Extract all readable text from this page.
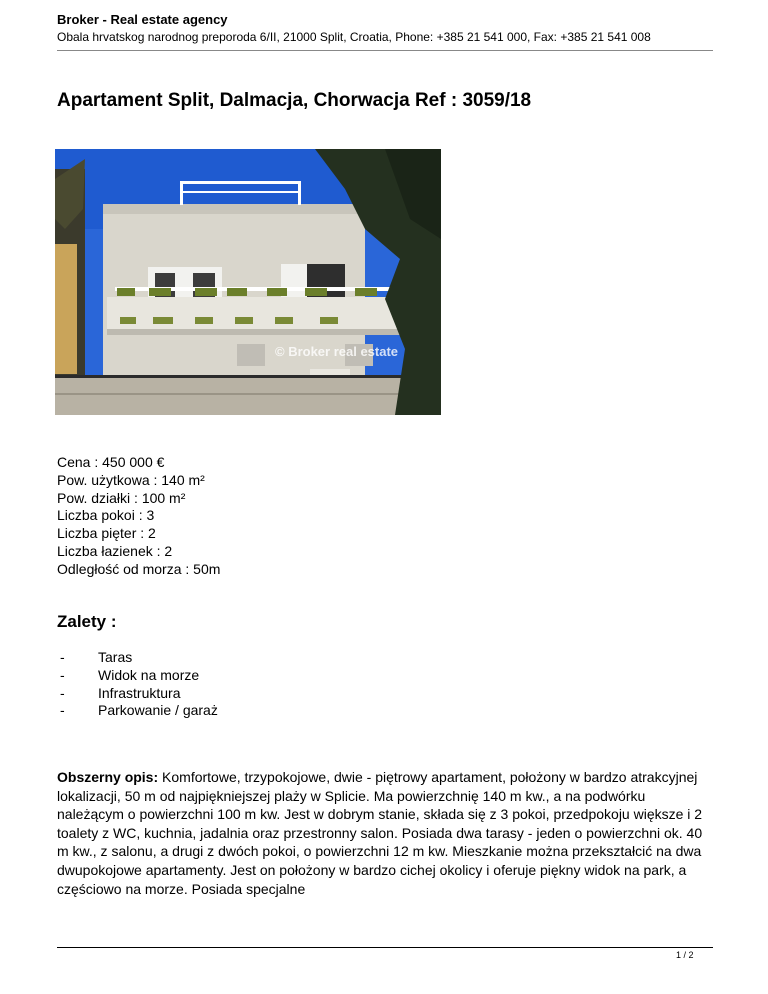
Broker - Real estate agency
Obala hrvatskog narodnog preporoda 6/II, 21000 Split, Croatia, Phone: +385 21 541 000, Fax: +385 21 541 008
Apartament Split, Dalmacja, Chorwacja Ref : 3059/18
© Broker real estate
Cena : 450 000 €
Pow. użytkowa : 140 m²
Pow. działki : 100 m²
Liczba pokoi : 3
Liczba pięter : 2
Liczba łazienek : 2
Odległość od morza : 50m
Zalety :
- Taras
- Widok na morze
- Infrastruktura
- Parkowanie / garaż
Obszerny opis: Komfortowe, trzypokojowe, dwie - piętrowy apartament, położony w bardzo atrakcyjnej lokalizacji, 50 m od najpiękniejszej plaży w Splicie. Ma powierzchnię 140 m kw., a na podwórku należącym o powierzchni 100 m kw. Jest w dobrym stanie, składa się z 3 pokoi, przedpokoju większe i 2 toalety z WC, kuchnia, jadalnia oraz przestronny salon. Posiada dwa tarasy - jeden o powierzchni ok. 40 m kw., z salonu, a drugi z dwóch pokoi, o powierzchni 12 m kw. Mieszkanie można przekształcić na dwa dwupokojowe apartamenty. Jest on położony w bardzo cichej okolicy i oferuje piękny widok na park, a częściowo na morze. Posiada specjalne
1 / 2
